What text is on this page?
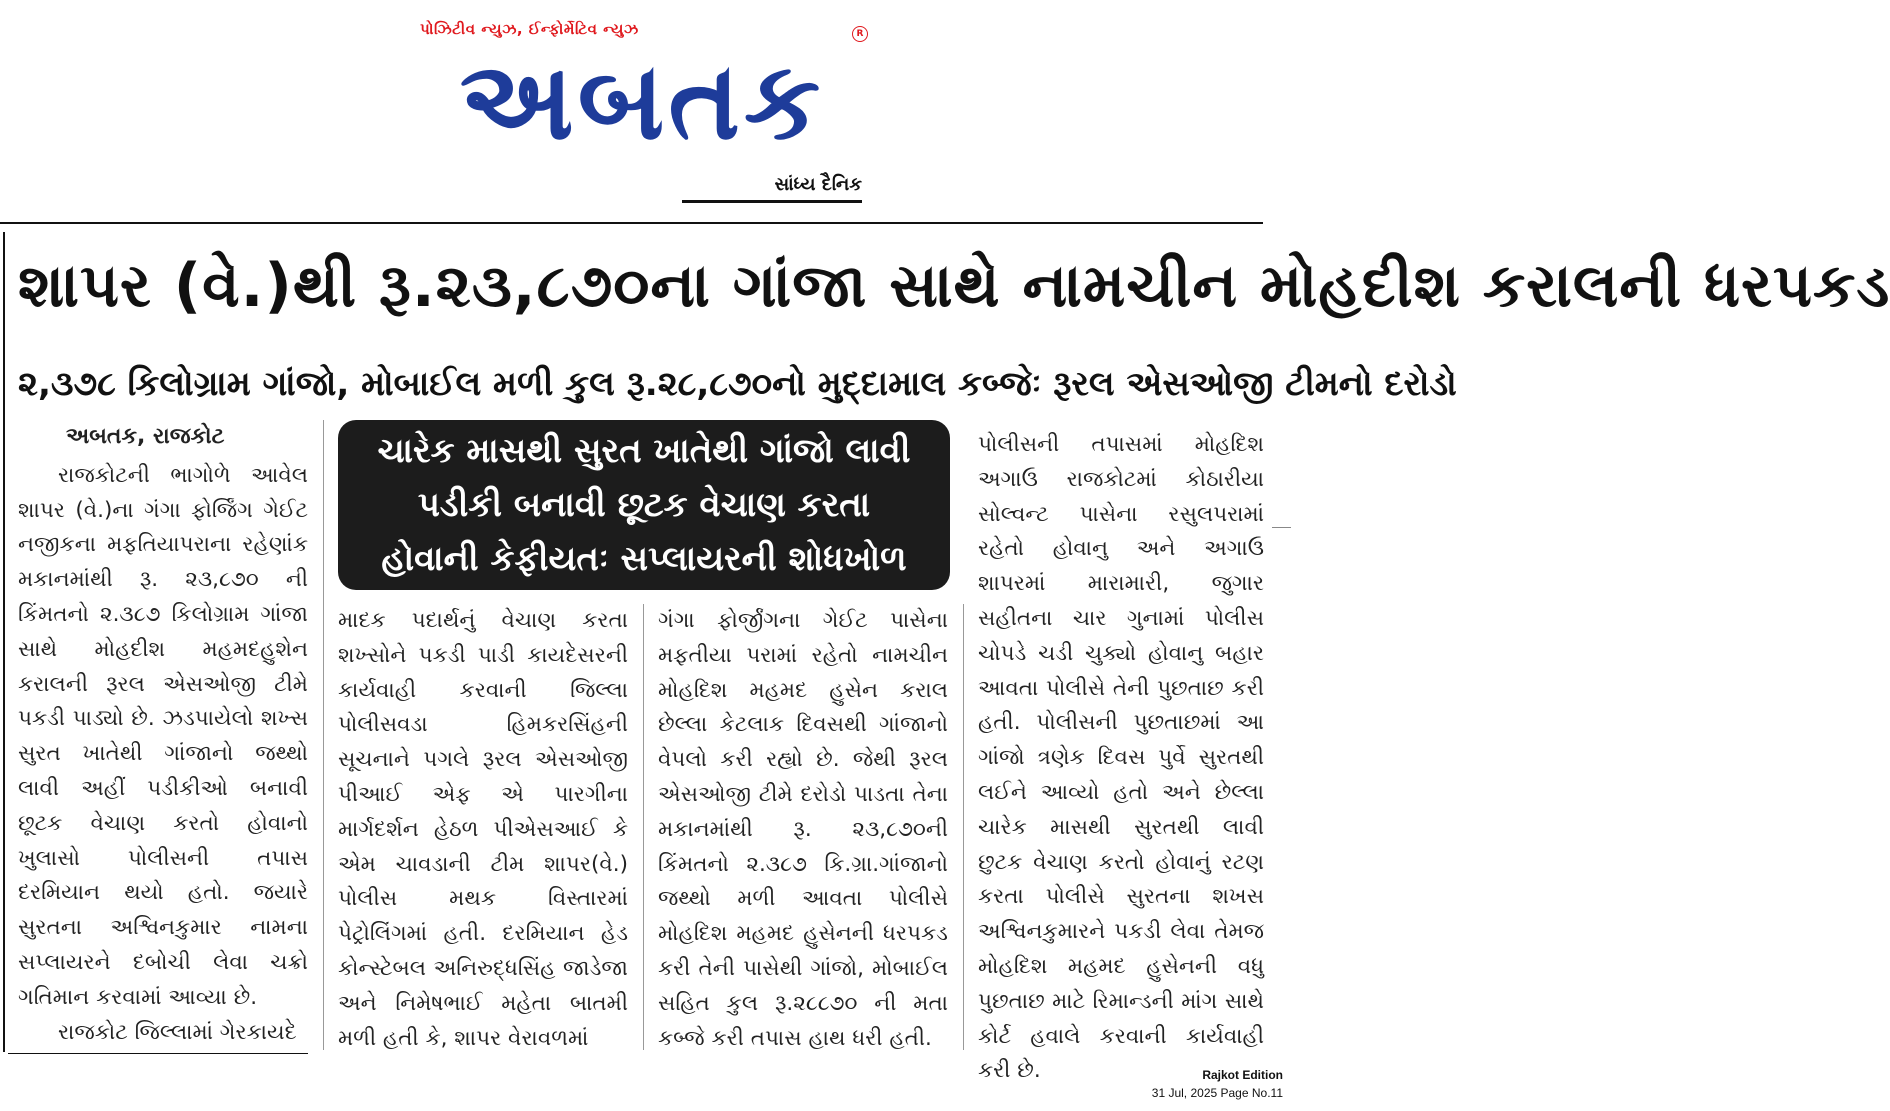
પોઝિટીવ ન્યુઝ, ઈન્ફોર્મેટિવ ન્યુઝ	R
અબતક
સાંધ્ય દૈનિક
શાપર (વે.)થી રૂ.૨૩,૮૭૦ના ગાંજા સાથે નામચીન મોહદીશ કરાલની ધરપકડ
૨,૩૭૮ કિલોગ્રામ ગાંજો, મોબાઈલ મળી કુલ રૂ.૨૮,૮૭૦નો મુદ્દામાલ કબ્જેઃ રૂરલ એસઓજી ટીમનો દરોડો

અબતક, રાજકોટ

રાજકોટની ભાગોળે આવેલ શાપર (વે.)ના ગંગા ફોર્જિંગ ગેઈટ નજીકના મફતિયાપરાના રહેણાંક મકાનમાંથી રૂ. ૨૩,૮૭૦ ની કિંમતનો ૨.૩૮૭ કિલોગ્રામ ગાંજા સાથે મોહદીશ મહમદહુશેન કરાલની રૂરલ એસઓજી ટીમે પકડી પાડ્યો છે. ઝડપાયેલો શખ્સ સુરત ખાતેથી ગાંજાનો જથ્થો લાવી અહીં પડીકીઓ બનાવી છૂટક વેચાણ કરતો હોવાનો ખુલાસો પોલીસની તપાસ દરમિયાન થયો હતો. જયારે સુરતના અશ્વિનકુમાર નામના સપ્લાયરને દબોચી લેવા ચક્રો ગતિમાન કરવામાં આવ્યા છે.

રાજકોટ જિલ્લામાં ગેરકાયદે

ચારેક માસથી સુરત ખાતેથી ગાંજો લાવી
પડીકી બનાવી છૂટક વેચાણ કરતા
હોવાની કેફીયતઃ સપ્લાયરની શોધખોળ

માદક પદાર્થનું વેચાણ કરતા શખ્સોને પકડી પાડી કાયદેસરની કાર્યવાહી કરવાની જિલ્લા પોલીસવડા હિમકરસિંહની સૂચનાને પગલે રૂરલ એસઓજી પીઆઈ એફ એ પારગીના માર્ગદર્શન હેઠળ પીએસઆઈ કે એમ ચાવડાની ટીમ શાપર(વે.) પોલીસ મથક વિસ્તારમાં પેટ્રોલિંગમાં હતી. દરમિયાન હેડ કોન્સ્ટેબલ અનિરુદ્ધસિંહ જાડેજા અને નિમેષભાઈ મહેતા બાતમી મળી હતી કે, શાપર વેરાવળમાં

ગંગા ફોર્જીંગના ગેઈટ પાસેના મફતીયા પરામાં રહેતો નામચીન મોહદિશ મહમદ હુસેન કરાલ છેલ્લા કેટલાક દિવસથી ગાંજાનો વેપલો કરી રહ્યો છે. જેથી રૂરલ એસઓજી ટીમે દરોડો પાડતા તેના મકાનમાંથી રૂ. ૨૩,૮૭૦ની કિંમતનો ૨.૩૮૭ કિ.ગ્રા.ગાંજાનો જથ્થો મળી આવતા પોલીસે મોહદિશ મહમદ હુસેનની ધરપકડ કરી તેની પાસેથી ગાંજો, મોબાઈલ સહિત કુલ રૂ.૨૮૮૭૦ ની મતા કબ્જે કરી તપાસ હાથ ધરી હતી.

પોલીસની તપાસમાં મોહદિશ અગાઉ રાજકોટમાં કોઠારીયા સોલ્વન્ટ પાસેના રસુલપરામાં રહેતો હોવાનુ અને અગાઉ શાપરમાં મારામારી, જુગાર સહીતના ચાર ગુનામાં પોલીસ ચોપડે ચડી ચુક્યો હોવાનુ બહાર આવતા પોલીસે તેની પુછતાછ કરી હતી. પોલીસની પુછતાછમાં આ ગાંજો ત્રણેક દિવસ પુર્વે સુરતથી લઈને આવ્યો હતો અને છેલ્લા ચારેક માસથી સુરતથી લાવી છુટક વેચાણ કરતો હોવાનું રટણ કરતા પોલીસે સુરતના શખસ અશ્વિનકુમારને પકડી લેવા તેમજ મોહદિશ મહમદ હુસેનની વધુ પુછતાછ માટે રિમાન્ડની માંગ સાથે કોર્ટ હવાલે કરવાની કાર્યવાહી કરી છે.	Rajkot Edition
31 Jul, 2025 Page No.11
